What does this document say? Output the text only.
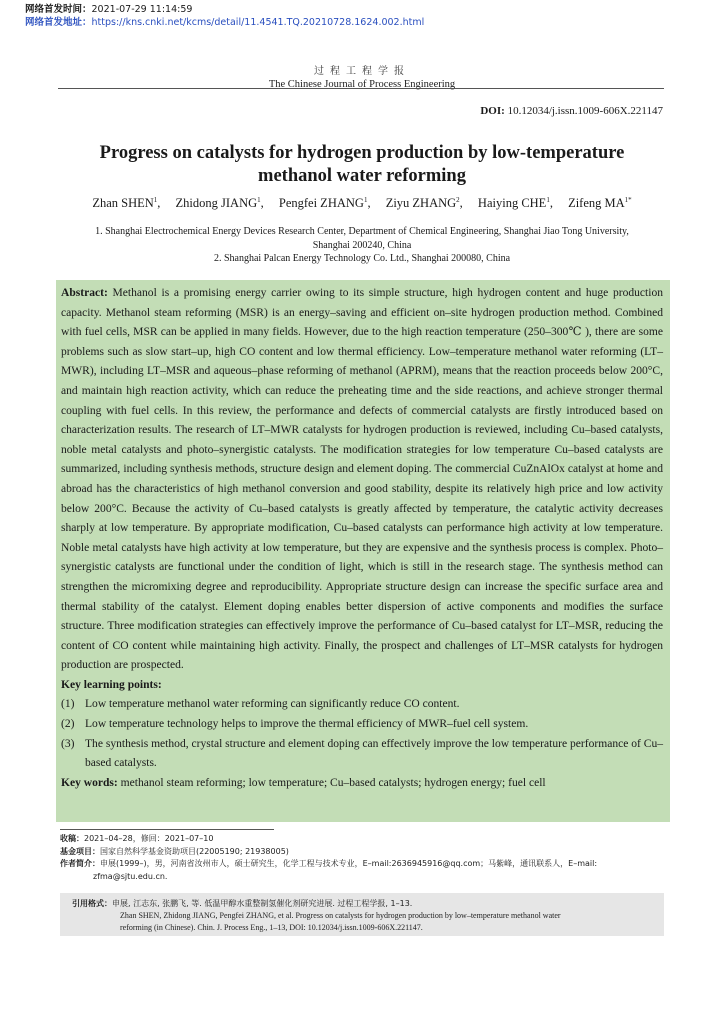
网络首发时间：2021-07-29 11:14:59
网络首发地址：https://kns.cnki.net/kcms/detail/11.4541.TQ.20210728.1624.002.html
过程工程学报
The Chinese Journal of Process Engineering
DOI: 10.12034/j.issn.1009-606X.221147
Progress on catalysts for hydrogen production by low-temperature
methanol water reforming
Zhan SHEN$^1$, Zhidong JIANG$^1$, Pengfei ZHANG$^1$, Ziyu ZHANG$^2$, Haiying CHE$^1$, Zifeng $MA^{1*}$
1. Shanghai Electrochemical Energy Devices Research Center, Department of Chemical Engineering, Shanghai Jiao Tong University,
Shanghai 200240, China
2. Shanghai Palcan Energy Technology Co. Ltd., Shanghai 200080, China

Abstract: Methanol is a promising energy carrier owing to its simple structure, high hydrogen content and huge production capacity. Methanol steam reforming (MSR) is an energy–saving and efficient on–site hydrogen production method. Combined with fuel cells, MSR can be applied in many fields. However, due to the high reaction temperature (250–300℃ ), there are some problems such as slow start–up, high CO content and low thermal efficiency. Low–temperature methanol water reforming (LT–MWR), including LT–MSR and aqueous–phase reforming of methanol (APRM), means that the reaction proceeds below 200°C, and maintain high reaction activity, which can reduce the preheating time and the side reactions, and achieve stronger thermal coupling with fuel cells. In this review, the performance and defects of commercial catalysts are firstly introduced based on characterization results. The research of LT–MWR catalysts for hydrogen production is reviewed, including Cu–based catalysts, noble metal catalysts and photo–synergistic catalysts. The modification strategies for low temperature Cu–based catalysts are summarized, including synthesis methods, structure design and element doping. The commercial CuZnAlOx catalyst at home and abroad has the characteristics of high methanol conversion and good stability, despite its relatively high price and low activity below 200°C. Because the activity of Cu–based catalysts is greatly affected by temperature, the catalytic activity decreases sharply at low temperature. By appropriate modification, Cu–based catalysts can performance high activity at low temperature. Noble metal catalysts have high activity at low temperature, but they are expensive and the synthesis process is complex. Photo–synergistic catalysts are functional under the condition of light, which is still in the research stage. The synthesis method can strengthen the micromixing degree and reproducibility. Appropriate structure design can increase the specific surface area and thermal stability of the catalyst. Element doping enables better dispersion of active components and modifies the surface structure. Three modification strategies can effectively improve the performance of Cu–based catalyst for LT–MSR, reducing the content of CO content while maintaining high activity. Finally, the prospect and challenges of LT–MSR catalysts for hydrogen production are prospected.

Key learning points:
(1) Low temperature methanol water reforming can significantly reduce CO content.
(2) Low temperature technology helps to improve the thermal efficiency of MWR–fuel cell system.
(3) The synthesis method, crystal structure and element doping can effectively improve the low temperature performance of Cu–based catalysts.

Key words: methanol steam reforming; low temperature; Cu–based catalysts; hydrogen energy; fuel cell

收稿：2021–04–28，修回：2021–07–10
基金项目：国家自然科学基金资助项目(22005190; 21938005)
作者简介：申展(1999–)，男，河南省汝州市人，硕士研究生，化学工程与技术专业，E–mail:2636945916@qq.com；马紫峰，通讯联系人，E–mail:
zfma@sjtu.edu.cn.
引用格式：申展, 江志东, 张鹏飞, 等. 低温甲醇水重整制氢催化剂研究进展. 过程工程学报, 1–13.
Zhan SHEN, Zhidong JIANG, Pengfei ZHANG, et al. Progress on catalysts for hydrogen production by low–temperature methanol water
reforming (in Chinese). Chin. J. Process Eng., 1–13, DOI: 10.12034/j.issn.1009-606X.221147.
